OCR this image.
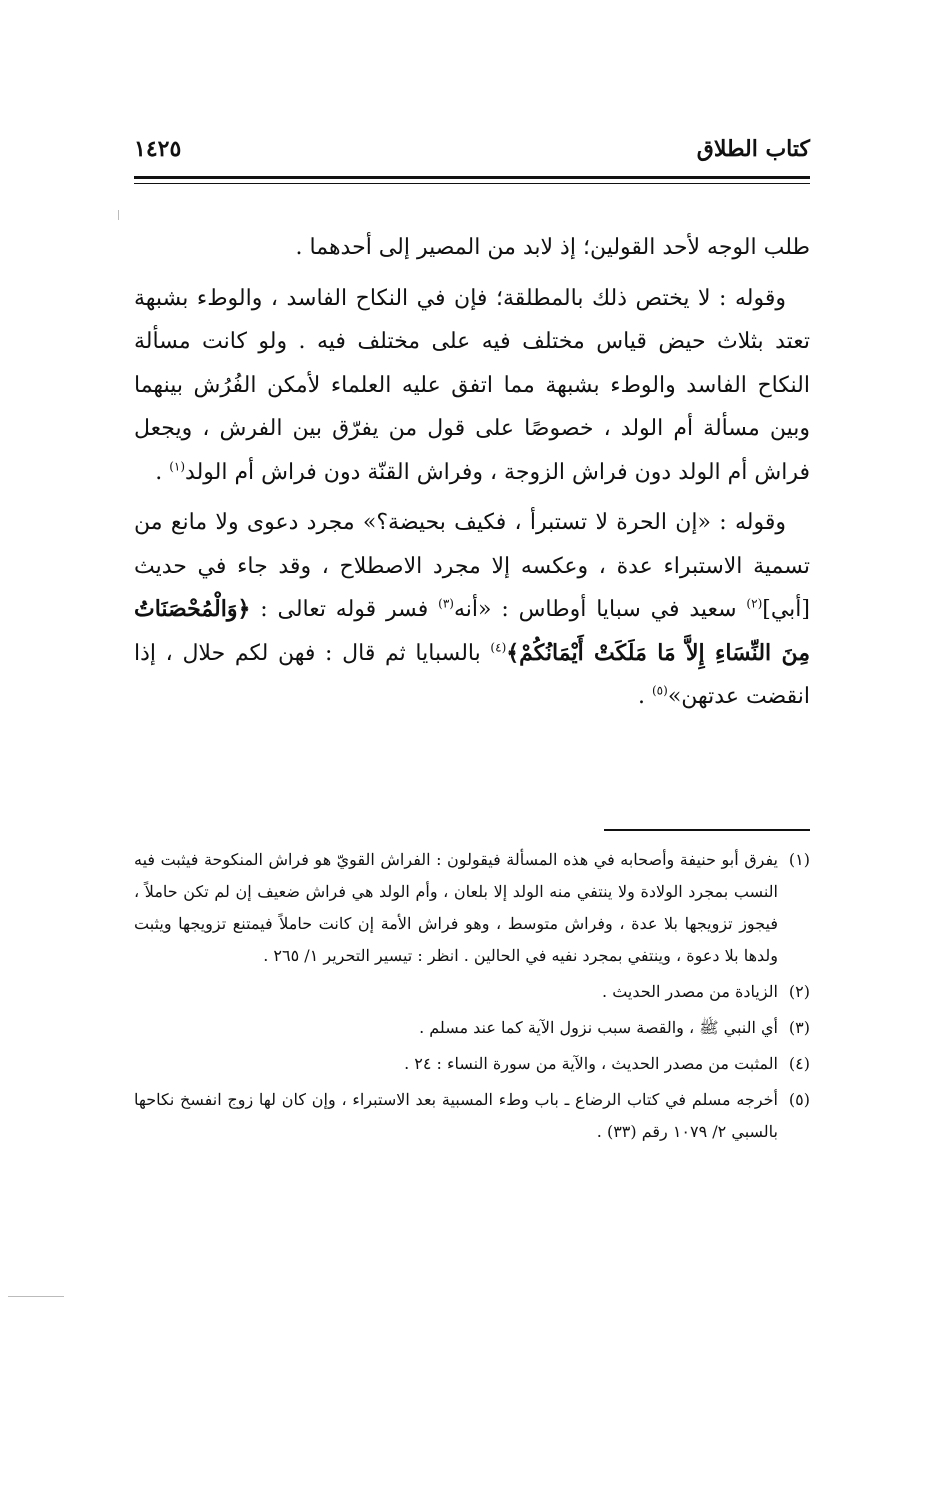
كتاب الطلاق
١٤٢٥

طلب الوجه لأحد القولين؛ إذ لابد من المصير إلى أحدهما .

وقوله : لا يختص ذلك بالمطلقة؛ فإن في النكاح الفاسد ، والوطء بشبهة تعتد بثلاث حيض قياس مختلف فيه على مختلف فيه . ولو كانت مسألة النكاح الفاسد والوطء بشبهة مما اتفق عليه العلماء لأمكن الفُرُش بينهما وبين مسألة أم الولد ، خصوصًا على قول من يفرّق بين الفرش ، ويجعل فراش أم الولد دون فراش الزوجة ، وفراش القنّة دون فراش أم الولد$^{(١)}$ .

وقوله : «إن الحرة لا تستبرأ ، فكيف بحيضة؟» مجرد دعوى ولا مانع من تسمية الاستبراء عدة ، وعكسه إلا مجرد الاصطلاح ، وقد جاء في حديث [أبي]$^{(٢)}$ سعيد في سبايا أوطاس : «أنه$^{(٣)}$ فسر قوله تعالى : ﴿وَالْمُحْصَنَاتُ مِنَ النِّسَاءِ إِلاَّ مَا مَلَكَتْ أَيْمَانُكُمْ﴾$^{(٤)}$ بالسبايا ثم قال : فهن لكم حلال ، إذا انقضت عدتهن»$^{(٥)}$ .

(١)
يفرق أبو حنيفة وأصحابه في هذه المسألة فيقولون : الفراش القويّ هو فراش المنكوحة فيثبت فيه النسب بمجرد الولادة ولا ينتفي منه الولد إلا بلعان ، وأم الولد هي فراش ضعيف إن لم تكن حاملاً ، فيجوز تزويجها بلا عدة ، وفراش متوسط ، وهو فراش الأمة إن كانت حاملاً فيمتنع تزويجها ويثبت ولدها بلا دعوة ، وينتفي بمجرد نفيه في الحالين . انظر : تيسير التحرير ١/ ٢٦٥ .
(٢)
الزيادة من مصدر الحديث .
(٣)
أي النبي ﷺ ، والقصة سبب نزول الآية كما عند مسلم .
(٤)
المثبت من مصدر الحديث ، والآية من سورة النساء : ٢٤ .
(٥)
أخرجه مسلم في كتاب الرضاع ـ باب وطء المسبية بعد الاستبراء ، وإن كان لها زوج انفسخ نكاحها بالسبي ٢/ ١٠٧٩ رقم (٣٣) .
